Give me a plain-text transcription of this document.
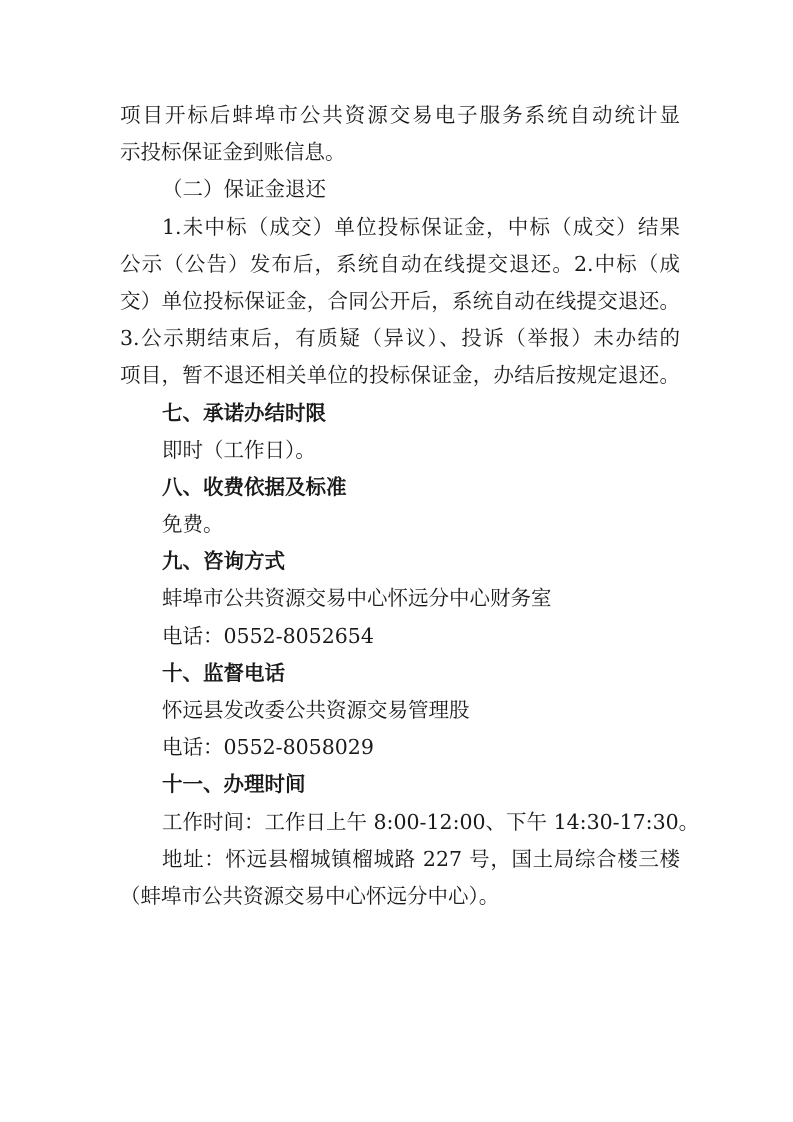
项目开标后蚌埠市公共资源交易电子服务系统自动统计显
示投标保证金到账信息。
（二）保证金退还
1.未中标（成交）单位投标保证金，中标（成交）结果
公示（公告）发布后，系统自动在线提交退还。2.中标（成
交）单位投标保证金，合同公开后，系统自动在线提交退还。
3.公示期结束后，有质疑（异议）、投诉（举报）未办结的
项目，暂不退还相关单位的投标保证金，办结后按规定退还。
七、承诺办结时限
即时（工作日）。
八、收费依据及标准
免费。
九、咨询方式
蚌埠市公共资源交易中心怀远分中心财务室
电话：0552-8052654
十、监督电话
怀远县发改委公共资源交易管理股
电话：0552-8058029
十一、办理时间
工作时间：工作日上午 8:00-12:00、下午 14:30-17:30。
地址：怀远县榴城镇榴城路 227 号，国土局综合楼三楼
（蚌埠市公共资源交易中心怀远分中心）。
